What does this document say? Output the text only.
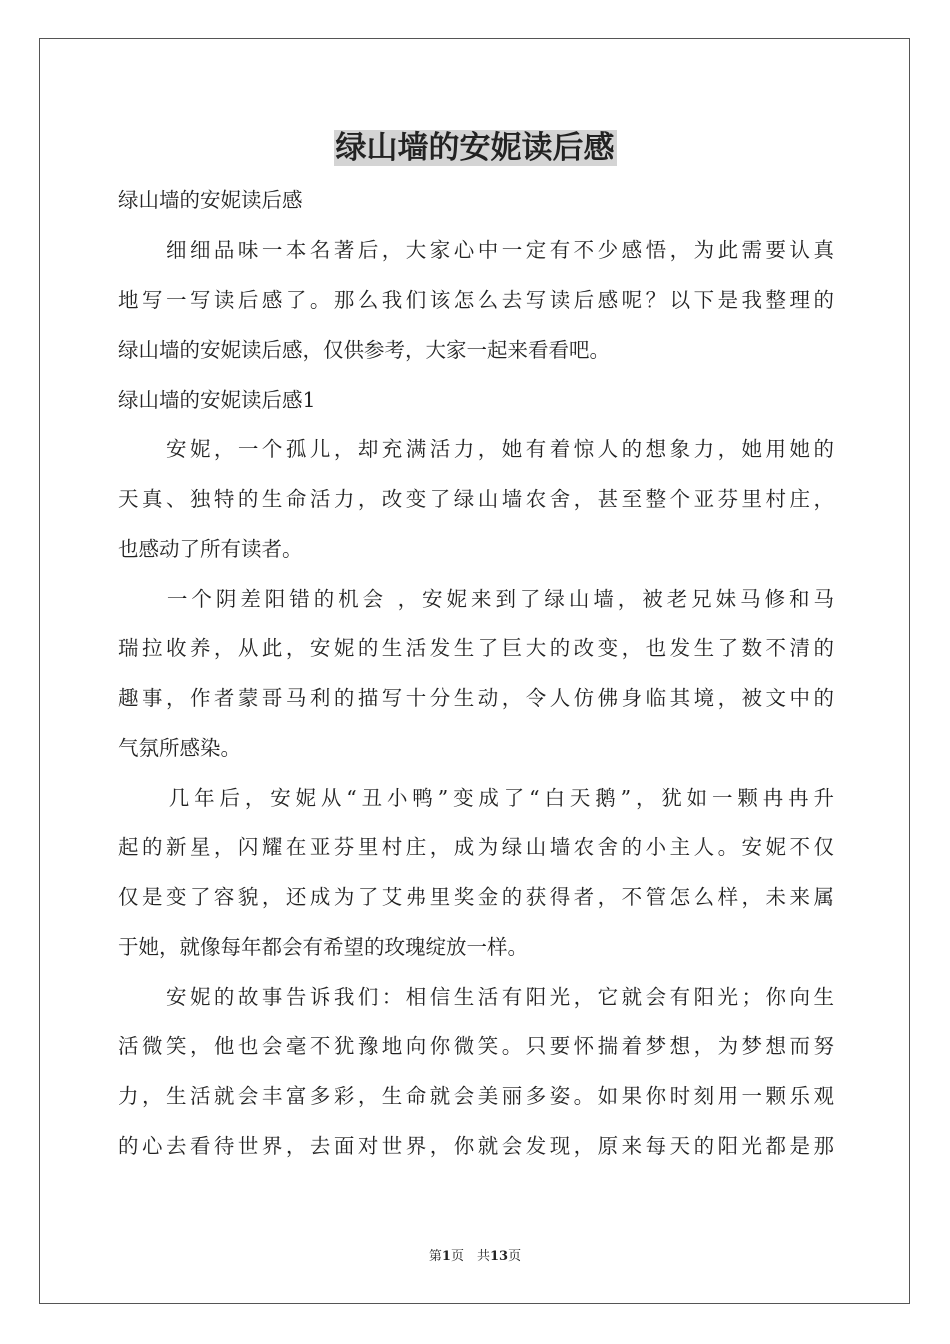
绿山墙的安妮读后感

绿山墙的安妮读后感

　　细细品味一本名著后，大家心中一定有不少感悟，为此需要认真

地写一写读后感了。那么我们该怎么去写读后感呢？以下是我整理的

绿山墙的安妮读后感，仅供参考，大家一起来看看吧。

绿山墙的安妮读后感1

　　安妮，一个孤儿，却充满活力，她有着惊人的想象力，她用她的

天真、独特的生命活力，改变了绿山墙农舍，甚至整个亚芬里村庄，

也感动了所有读者。

　　一个阴差阳错的机会 ，安妮来到了绿山墙，被老兄妹马修和马

瑞拉收养，从此，安妮的生活发生了巨大的改变，也发生了数不清的

趣事，作者蒙哥马利的描写十分生动，令人仿佛身临其境，被文中的

气氛所感染。

　　几年后，安妮从“丑小鸭”变成了“白天鹅”，犹如一颗冉冉升

起的新星，闪耀在亚芬里村庄，成为绿山墙农舍的小主人。安妮不仅

仅是变了容貌，还成为了艾弗里奖金的获得者，不管怎么样，未来属

于她，就像每年都会有希望的玫瑰绽放一样。

　　安妮的故事告诉我们：相信生活有阳光，它就会有阳光；你向生

活微笑，他也会毫不犹豫地向你微笑。只要怀揣着梦想，为梦想而努

力，生活就会丰富多彩，生命就会美丽多姿。如果你时刻用一颗乐观

的心去看待世界，去面对世界，你就会发现，原来每天的阳光都是那

第1页  共13页
